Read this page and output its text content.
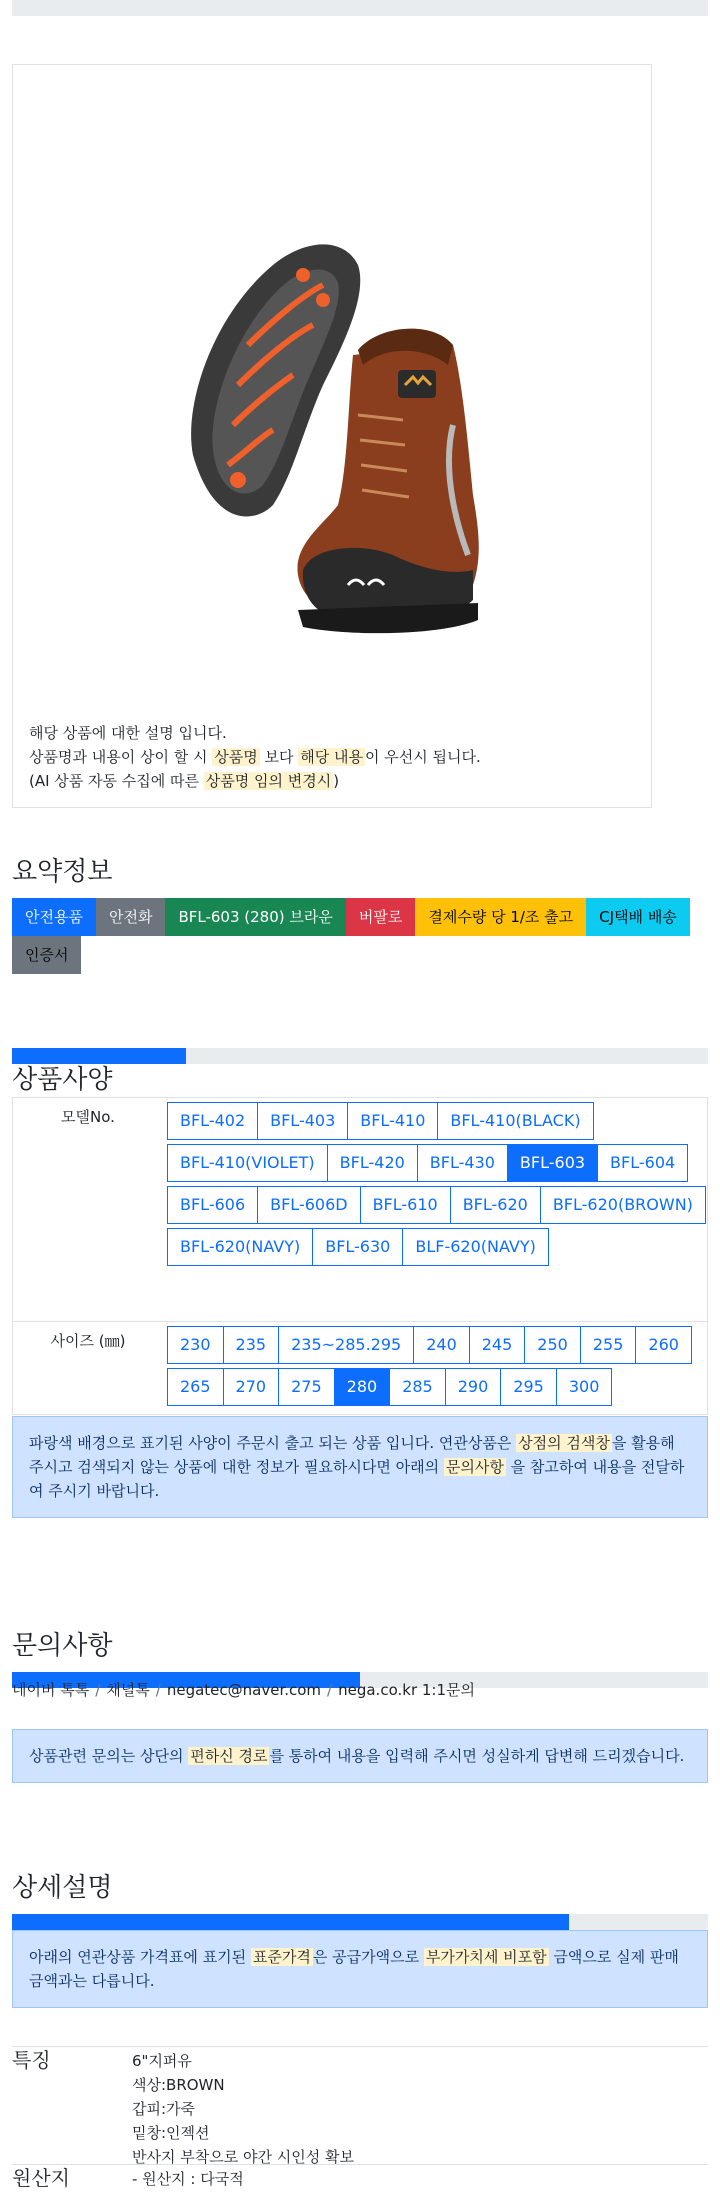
해당 상품에 대한 설명 입니다.
상품명과 내용이 상이 할 시 상품명 보다 해당 내용 이 우선시 됩니다.
(AI 상품 자동 수집에 따른 상품명 임의 변경시 )
요약정보
안전용품	안전화	BFL-603 (280) 브라운	버팔로	결제수량 당 1/조 출고	CJ택배 배송
인증서
상품사양
모델No.	BFL-402	BFL-403	BFL-410	BFL-410(BLACK)
BFL-410(VIOLET)	BFL-420	BFL-430	BFL-603	BFL-604
BFL-606	BFL-606D	BFL-610	BFL-620	BFL-620(BROWN)
BFL-620(NAVY)	BFL-630	BLF-620(NAVY)
사이즈 (㎜)	230	235	235~285.295	240	245	250	255	260
265	270	275	280	285	290	295	300
파랑색 배경으로 표기된 사양이 주문시 출고 되는 상품 입니다. 연관상품은 상점의 검색창 을 활용해 주시고 검색되지 않는 상품에 대한 정보가 필요하시다면 아래의 문의사항 을 참고하여 내용을 전달하여 주시기 바랍니다.
문의사항
네이버 톡톡 / 채널톡 / negatec@naver.com / nega.co.kr 1:1문의
상품관련 문의는 상단의 편하신 경로 를 통하여 내용을 입력해 주시면 성실하게 답변해 드리겠습니다.
상세설명
아래의 연관상품 가격표에 표기된 표준가격 은 공급가액으로 부가가치세 비포함 금액으로 실제 판매금액과는 다릅니다.
특징	6"지퍼유
색상:BROWN
갑피:가죽
밑창:인젝션
반사지 부착으로 야간 시인성 확보
원산지	- 원산지 : 다국적
